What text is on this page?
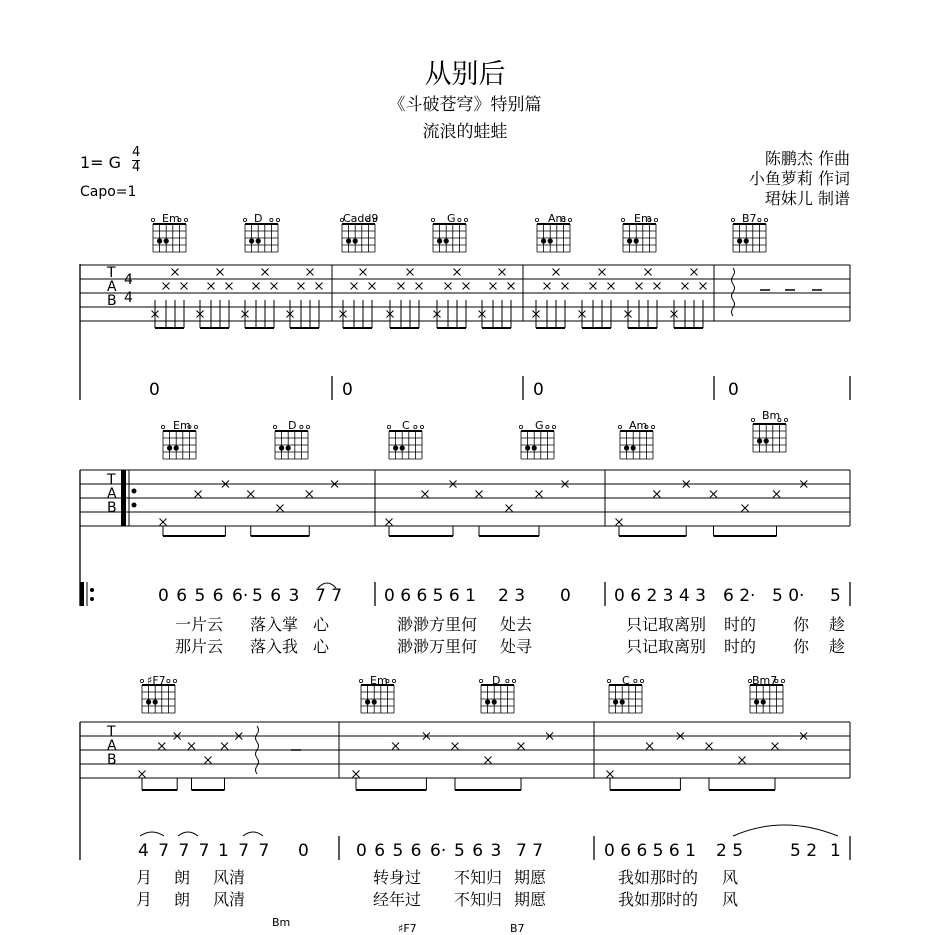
从别后
《斗破苍穹》特别篇
流浪的蛙蛙
1= G
4
4
Capo=1
陈鹏杰 作曲
小鱼萝莉 作词
珺妹儿 制谱
T
A
B
4
4
T
A
B
T
A
B
Em	D	Cadd9	G	Am	Em	B7
0	0	0	0
Em	D	C	G	Am
Bm
0 6 5 6 6· 5 6 3 7 7 0 6 6 5 6 1 2 3 0	0 6 2 3 4 3 6 2· 5 0· 5
一片云 落入掌 心	渺渺方里何 处去	只记取离别 时的 你 趁
那片云 落入我 心	渺渺万里何 处寻	只记取离别 时的 你 趁
♯F7	Em	D	C	Bm7
4 7 7 7 1 7 7 0	0 6 5 6 6· 5 6 3 7 7	0 6 6 5 6 1 2 5	5 2 1
月 朗 风清	转身过 不知归 期愿	我如那时的 风
月 朗 风清	经年过 不知归 期愿	我如那时的 风
Bm	♯F7	B7
